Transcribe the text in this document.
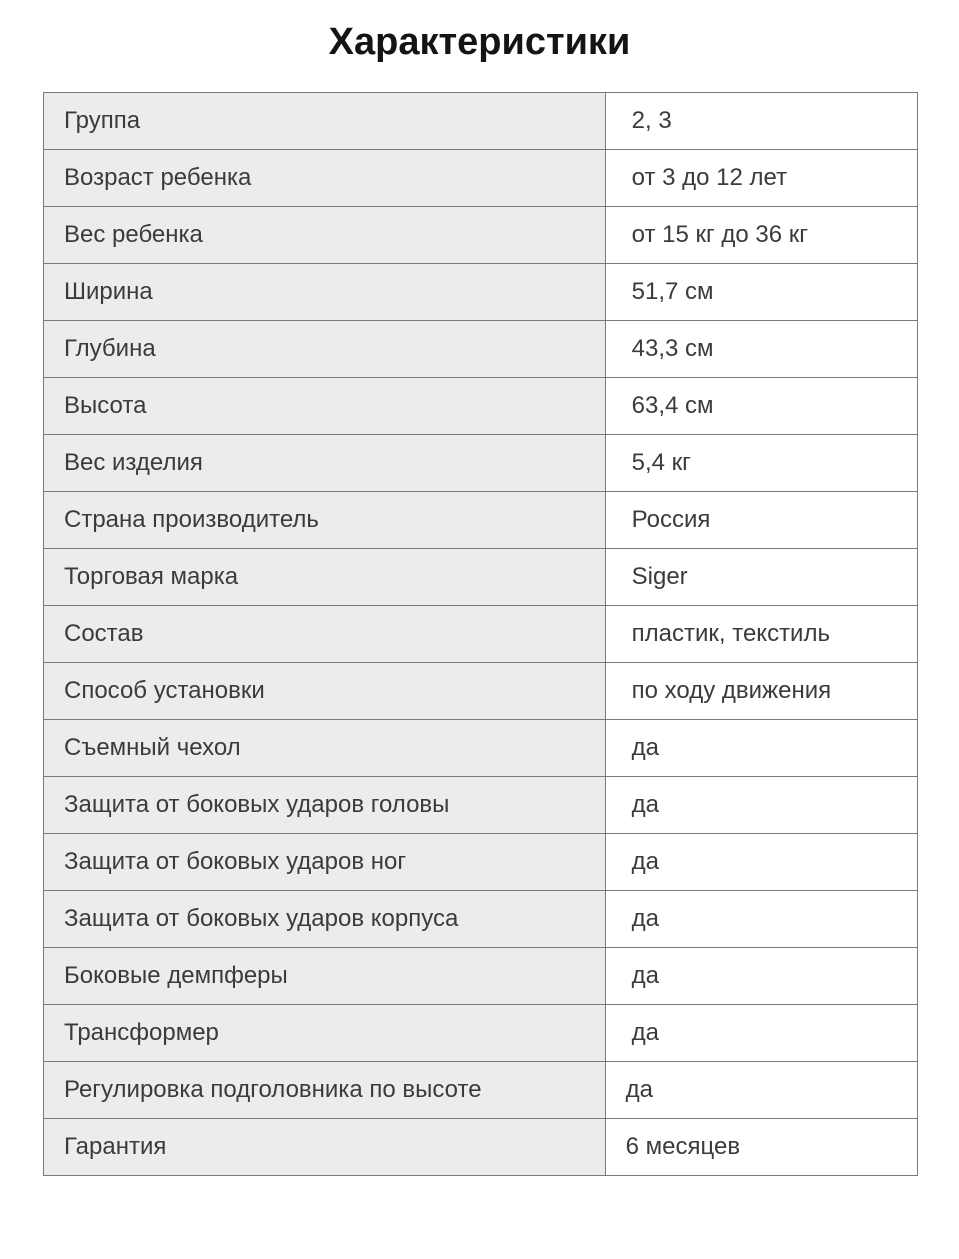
Характеристики
Группа	2, 3
Возраст ребенка	от 3 до 12 лет
Вес ребенка	от 15 кг до 36 кг
Ширина	51,7 см
Глубина	43,3 см
Высота	63,4 см
Вес изделия	5,4 кг
Страна производитель	Россия
Торговая марка	Siger
Состав	пластик, текстиль
Способ установки	по ходу движения
Съемный чехол	да
Защита от боковых ударов головы	да
Защита от боковых ударов ног	да
Защита от боковых ударов корпуса	да
Боковые демпферы	да
Трансформер	да
Регулировка подголовника по высоте	да
Гарантия	6 месяцев
